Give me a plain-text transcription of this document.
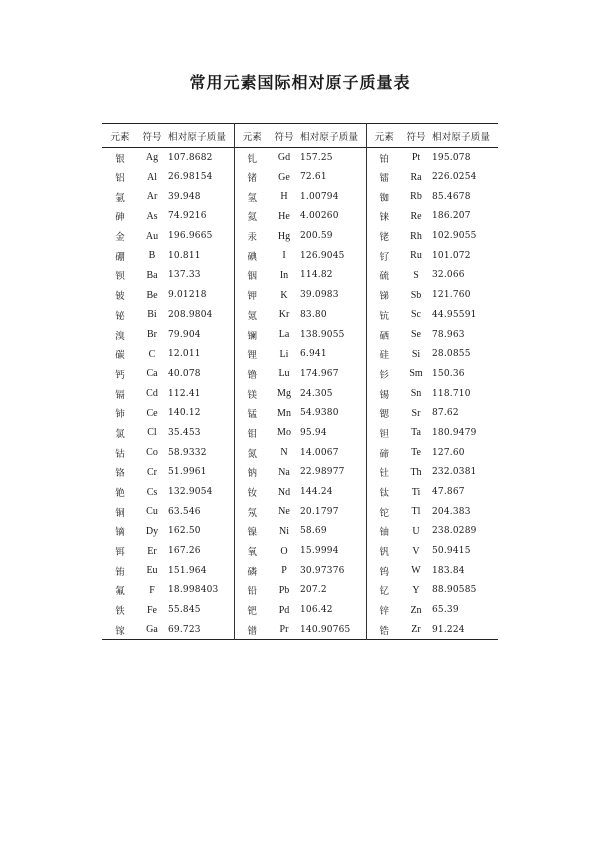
常用元素国际相对原子质量表
元素	符号	相对原子质量	元素	符号	相对原子质量	元素	符号	相对原子质量
银	Ag	107.8682	钆	Gd	157.25	铂	Pt	195.078
铝	Al	26.98154	锗	Ge	72.61	镭	Ra	226.0254
氩	Ar	39.948	氢	H	1.00794	铷	Rb	85.4678
砷	As	74.9216	氦	He	4.00260	铼	Re	186.207
金	Au	196.9665	汞	Hg	200.59	铑	Rh	102.9055
硼	B	10.811	碘	I	126.9045	钌	Ru	101.072
钡	Ba	137.33	铟	In	114.82	硫	S	32.066
铍	Be	9.01218	钾	K	39.0983	锑	Sb	121.760
铋	Bi	208.9804	氪	Kr	83.80	钪	Sc	44.95591
溴	Br	79.904	镧	La	138.9055	硒	Se	78.963
碳	C	12.011	锂	Li	6.941	硅	Si	28.0855
钙	Ca	40.078	镥	Lu	174.967	钐	Sm	150.36
镉	Cd	112.41	镁	Mg	24.305	锡	Sn	118.710
铈	Ce	140.12	锰	Mn	54.9380	锶	Sr	87.62
氯	Cl	35.453	钼	Mo	95.94	钽	Ta	180.9479
钴	Co	58.9332	氮	N	14.0067	碲	Te	127.60
铬	Cr	51.9961	钠	Na	22.98977	钍	Th	232.0381
铯	Cs	132.9054	钕	Nd	144.24	钛	Ti	47.867
铜	Cu	63.546	氖	Ne	20.1797	铊	Tl	204.383
镝	Dy	162.50	镍	Ni	58.69	铀	U	238.0289
铒	Er	167.26	氧	O	15.9994	钒	V	50.9415
铕	Eu	151.964	磷	P	30.97376	钨	W	183.84
氟	F	18.998403	铅	Pb	207.2	钇	Y	88.90585
铁	Fe	55.845	钯	Pd	106.42	锌	Zn	65.39
镓	Ga	69.723	镨	Pr	140.90765	锆	Zr	91.224
